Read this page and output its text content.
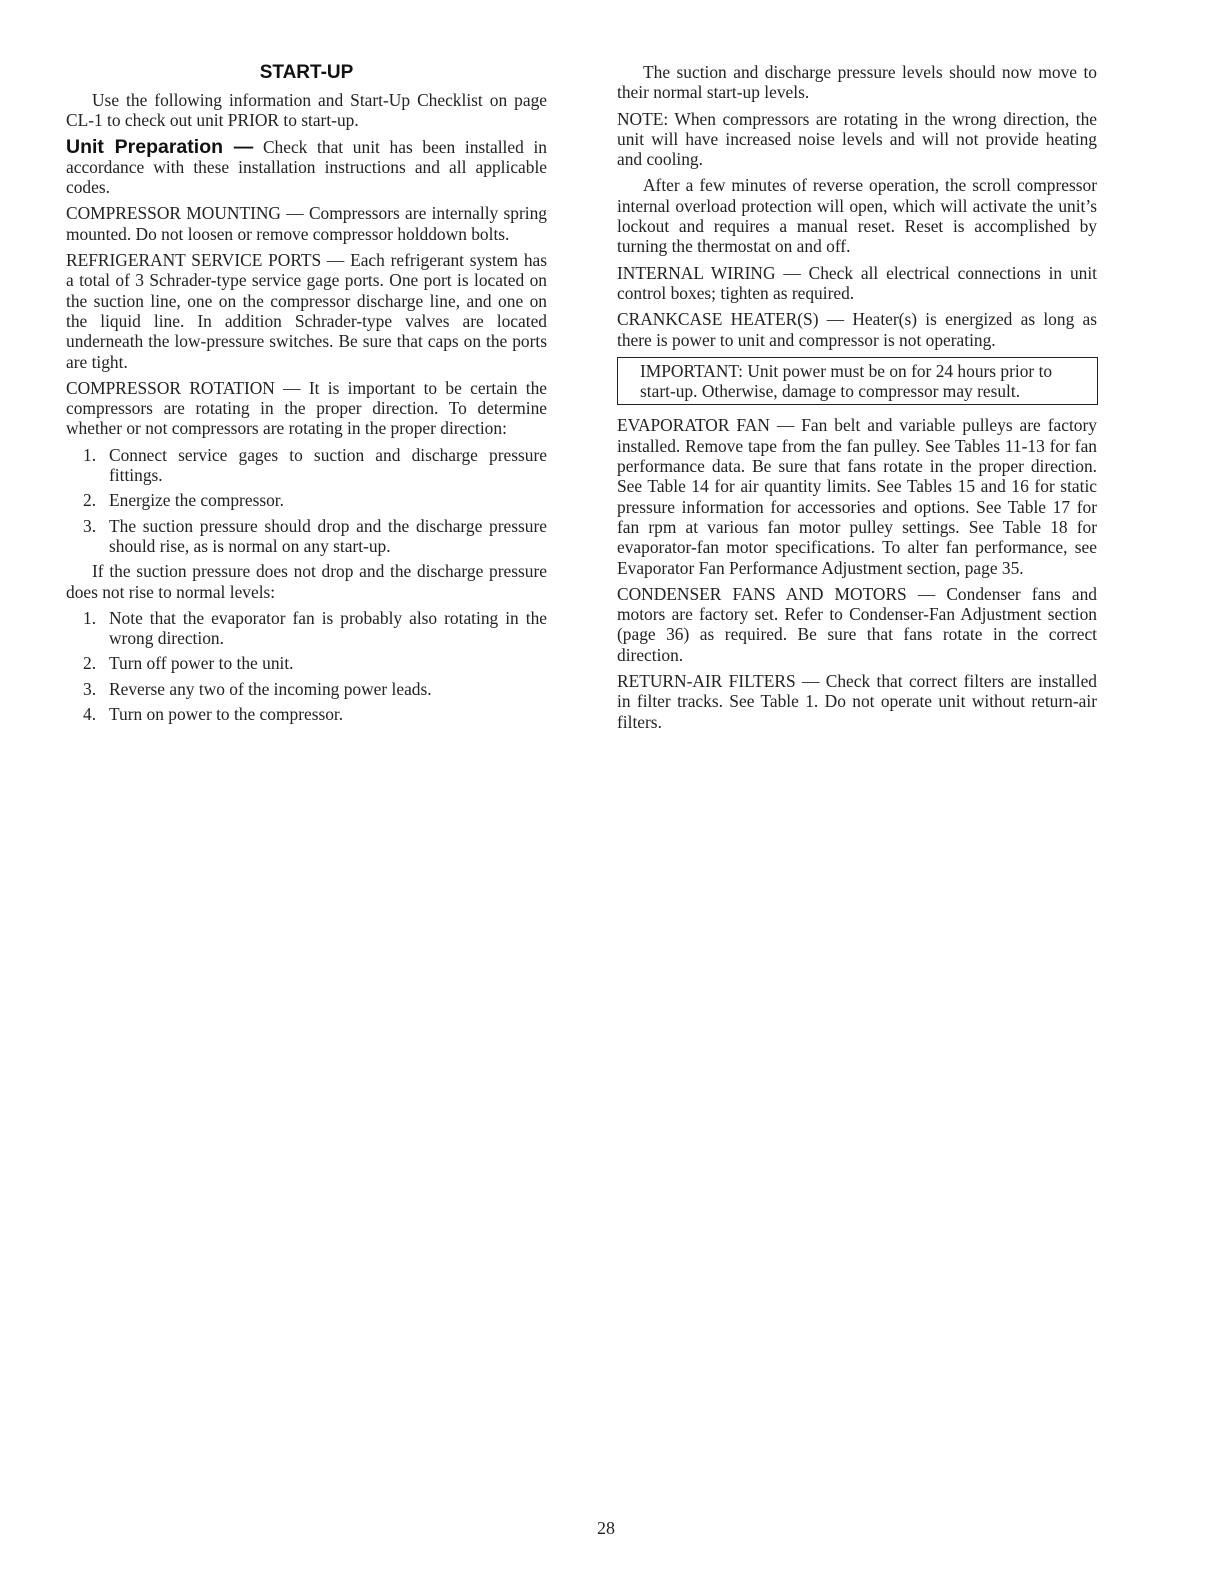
START-UP

Use the following information and Start-Up Checklist on page CL-1 to check out unit PRIOR to start-up.

Unit Preparation — Check that unit has been installed in accordance with these installation instructions and all applicable codes.

COMPRESSOR MOUNTING — Compressors are internally spring mounted. Do not loosen or remove compressor holddown bolts.

REFRIGERANT SERVICE PORTS — Each refrigerant system has a total of 3 Schrader-type service gage ports. One port is located on the suction line, one on the compressor discharge line, and one on the liquid line. In addition Schrader-type valves are located underneath the low-pressure switches. Be sure that caps on the ports are tight.

COMPRESSOR ROTATION — It is important to be certain the compressors are rotating in the proper direction. To determine whether or not compressors are rotating in the proper direction:

1. Connect service gages to suction and discharge pressure fittings.
2. Energize the compressor.
3. The suction pressure should drop and the discharge pressure should rise, as is normal on any start-up.

If the suction pressure does not drop and the discharge pressure does not rise to normal levels:

1. Note that the evaporator fan is probably also rotating in the wrong direction.
2. Turn off power to the unit.
3. Reverse any two of the incoming power leads.
4. Turn on power to the compressor.

The suction and discharge pressure levels should now move to their normal start-up levels.

NOTE: When compressors are rotating in the wrong direction, the unit will have increased noise levels and will not provide heating and cooling.

After a few minutes of reverse operation, the scroll compressor internal overload protection will open, which will activate the unit’s lockout and requires a manual reset. Reset is accomplished by turning the thermostat on and off.

INTERNAL WIRING — Check all electrical connections in unit control boxes; tighten as required.

CRANKCASE HEATER(S) — Heater(s) is energized as long as there is power to unit and compressor is not operating.

IMPORTANT: Unit power must be on for 24 hours prior to start-up. Otherwise, damage to compressor may result.

EVAPORATOR FAN — Fan belt and variable pulleys are factory installed. Remove tape from the fan pulley. See Tables 11-13 for fan performance data. Be sure that fans rotate in the proper direction. See Table 14 for air quantity limits. See Tables 15 and 16 for static pressure information for accessories and options. See Table 17 for fan rpm at various fan motor pulley settings. See Table 18 for evaporator-fan motor specifications. To alter fan performance, see Evaporator Fan Performance Adjustment section, page 35.

CONDENSER FANS AND MOTORS — Condenser fans and motors are factory set. Refer to Condenser-Fan Adjustment section (page 36) as required. Be sure that fans rotate in the correct direction.

RETURN-AIR FILTERS — Check that correct filters are installed in filter tracks. See Table 1. Do not operate unit without return-air filters.

28
